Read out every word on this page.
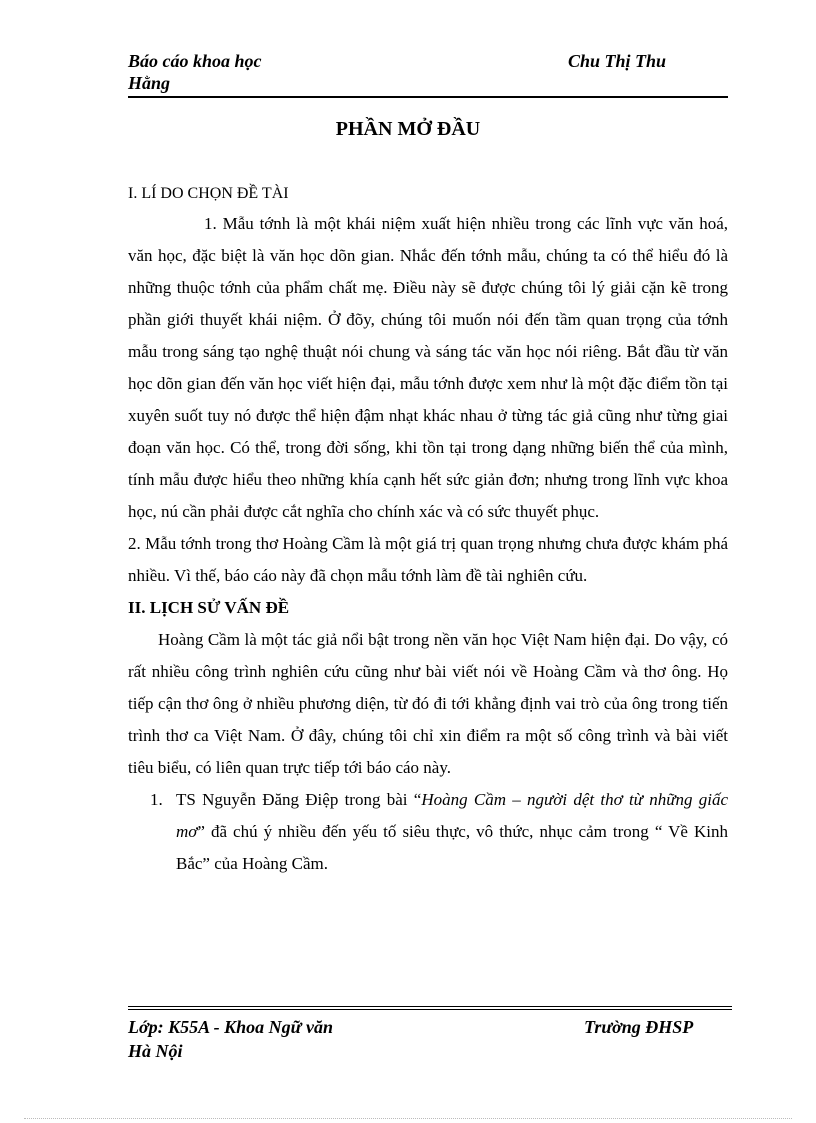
Báo cáo khoa học	Chu Thị Thu
Hằng
PHẦN MỞ ĐẦU

I. LÍ DO CHỌN ĐỀ TÀI

1. Mẫu tớnh là một khái niệm xuất hiện nhiều trong các lĩnh vực văn hoá, văn học, đặc biệt là văn học dõn gian. Nhắc đến tớnh mẫu, chúng ta có thể hiểu đó là những thuộc tớnh của phẩm chất mẹ. Điều này sẽ được chúng tôi lý giải cặn kẽ trong phần giới thuyết khái niệm. Ở đõy, chúng tôi muốn nói đến tầm quan trọng của tớnh mẫu trong sáng tạo nghệ thuật nói chung và sáng tác văn học nói riêng. Bắt đầu từ văn học dõn gian đến văn học viết hiện đại, mẫu tớnh được xem như là một đặc điểm tồn tại xuyên suốt tuy nó được thể hiện đậm nhạt khác nhau ở từng tác giả cũng như từng giai đoạn văn học. Có thể, trong đời sống, khi tồn tại trong dạng những biến thể của mình, tính mẫu được hiểu theo những khía cạnh hết sức giản đơn; nhưng trong lĩnh vực khoa học, nú cần phải được cắt nghĩa cho chính xác và có sức thuyết phục.

2. Mẫu tớnh trong thơ Hoàng Cầm là một giá trị quan trọng nhưng chưa được khám phá nhiều. Vì thế, báo cáo này đã chọn mẫu tớnh làm đề tài nghiên cứu.

II. LỊCH SỬ VẤN ĐỀ

Hoàng Cầm là một tác giả nổi bật trong nền văn học Việt Nam hiện đại. Do vậy, có rất nhiều công trình nghiên cứu cũng như bài viết nói về Hoàng Cầm và thơ ông. Họ tiếp cận thơ ông ở nhiều phương diện, từ đó đi tới khẳng định vai trò của ông trong tiến trình thơ ca Việt Nam. Ở đây, chúng tôi chỉ xin điểm ra một số công trình và bài viết tiêu biểu, có liên quan trực tiếp tới báo cáo này.

1. TS Nguyễn Đăng Điệp trong bài “Hoàng Cầm – người dệt thơ từ những giấc mơ” đã chú ý nhiều đến yếu tố siêu thực, vô thức, nhục cảm trong “ Về Kinh Bắc” của Hoàng Cầm.

Lớp: K55A - Khoa Ngữ văn	Trường ĐHSP
Hà Nội
